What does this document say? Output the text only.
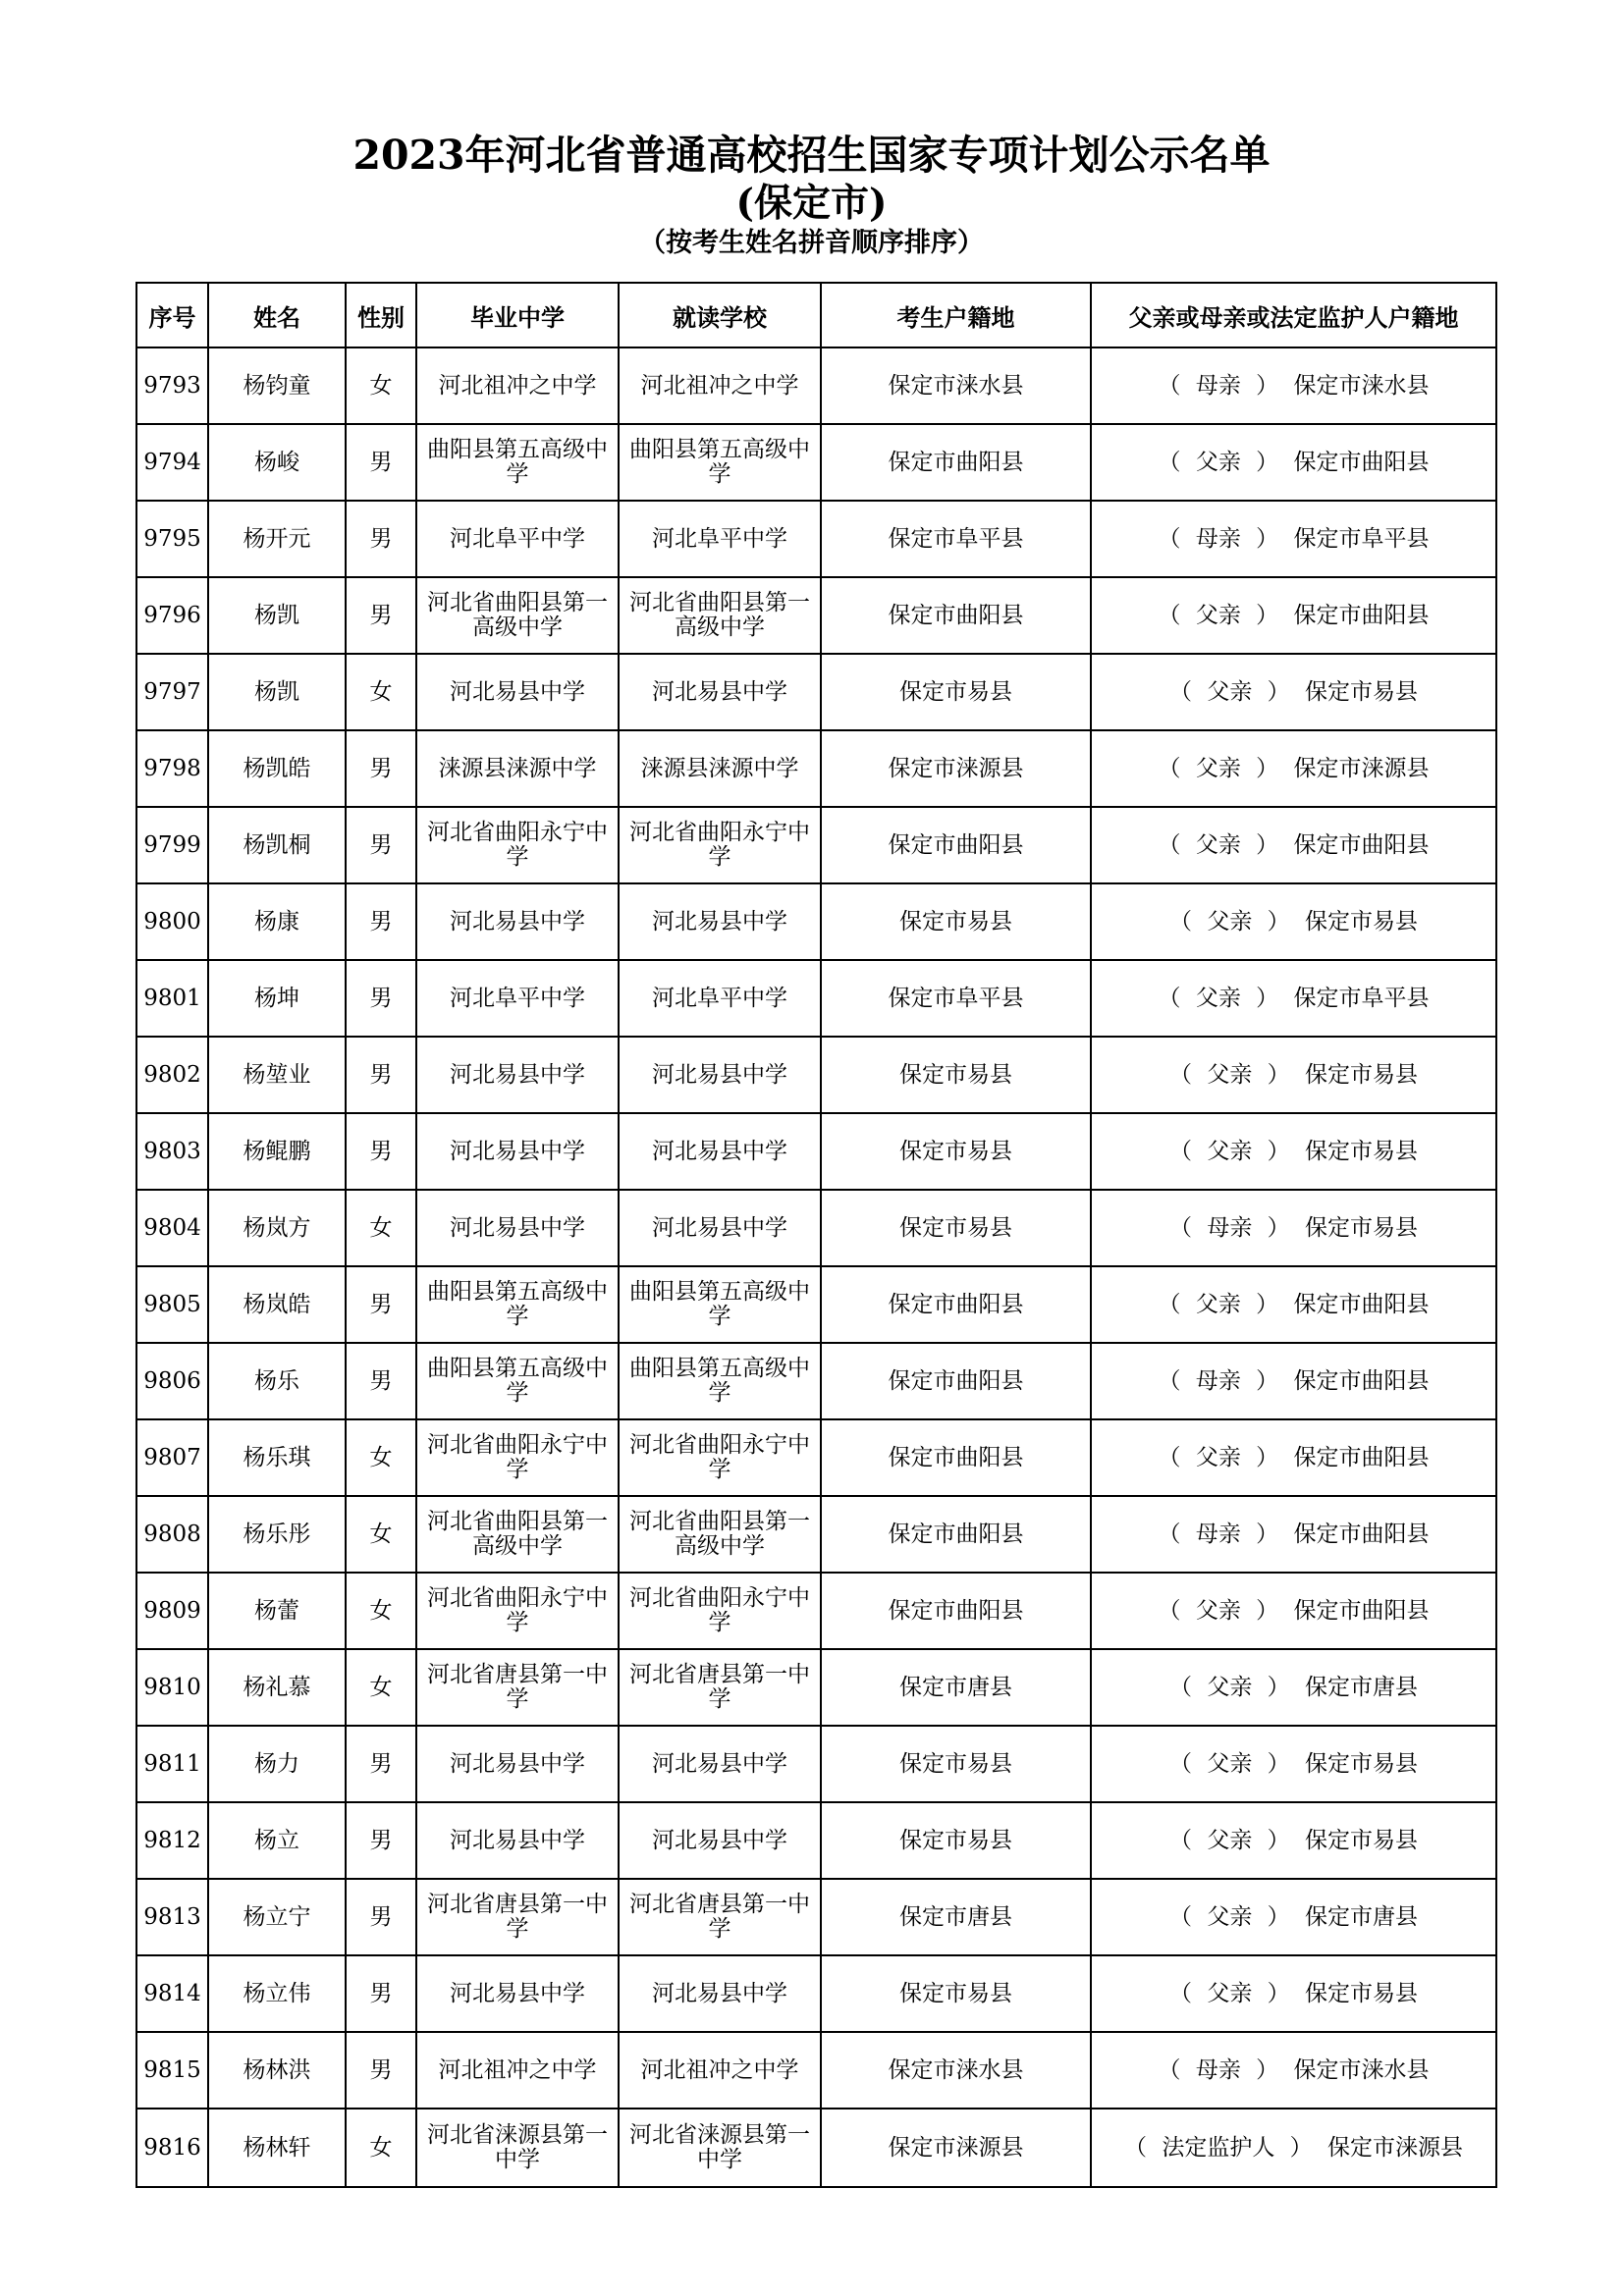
2023年河北省普通高校招生国家专项计划公示名单
(保定市)
（按考生姓名拼音顺序排序）
序号	姓名	性别	毕业中学	就读学校	考生户籍地	父亲或母亲或法定监护人户籍地
9793	杨钧童	女	河北祖冲之中学	河北祖冲之中学	保定市涞水县	（ 母亲 ） 保定市涞水县
9794	杨峻	男	曲阳县第五高级中学	曲阳县第五高级中学	保定市曲阳县	（ 父亲 ） 保定市曲阳县
9795	杨开元	男	河北阜平中学	河北阜平中学	保定市阜平县	（ 母亲 ） 保定市阜平县
9796	杨凯	男	河北省曲阳县第一高级中学	河北省曲阳县第一高级中学	保定市曲阳县	（ 父亲 ） 保定市曲阳县
9797	杨凯	女	河北易县中学	河北易县中学	保定市易县	（ 父亲 ） 保定市易县
9798	杨凯皓	男	涞源县涞源中学	涞源县涞源中学	保定市涞源县	（ 父亲 ） 保定市涞源县
9799	杨凯桐	男	河北省曲阳永宁中学	河北省曲阳永宁中学	保定市曲阳县	（ 父亲 ） 保定市曲阳县
9800	杨康	男	河北易县中学	河北易县中学	保定市易县	（ 父亲 ） 保定市易县
9801	杨坤	男	河北阜平中学	河北阜平中学	保定市阜平县	（ 父亲 ） 保定市阜平县
9802	杨堃业	男	河北易县中学	河北易县中学	保定市易县	（ 父亲 ） 保定市易县
9803	杨鲲鹏	男	河北易县中学	河北易县中学	保定市易县	（ 父亲 ） 保定市易县
9804	杨岚方	女	河北易县中学	河北易县中学	保定市易县	（ 母亲 ） 保定市易县
9805	杨岚皓	男	曲阳县第五高级中学	曲阳县第五高级中学	保定市曲阳县	（ 父亲 ） 保定市曲阳县
9806	杨乐	男	曲阳县第五高级中学	曲阳县第五高级中学	保定市曲阳县	（ 母亲 ） 保定市曲阳县
9807	杨乐琪	女	河北省曲阳永宁中学	河北省曲阳永宁中学	保定市曲阳县	（ 父亲 ） 保定市曲阳县
9808	杨乐彤	女	河北省曲阳县第一高级中学	河北省曲阳县第一高级中学	保定市曲阳县	（ 母亲 ） 保定市曲阳县
9809	杨蕾	女	河北省曲阳永宁中学	河北省曲阳永宁中学	保定市曲阳县	（ 父亲 ） 保定市曲阳县
9810	杨礼慕	女	河北省唐县第一中学	河北省唐县第一中学	保定市唐县	（ 父亲 ） 保定市唐县
9811	杨力	男	河北易县中学	河北易县中学	保定市易县	（ 父亲 ） 保定市易县
9812	杨立	男	河北易县中学	河北易县中学	保定市易县	（ 父亲 ） 保定市易县
9813	杨立宁	男	河北省唐县第一中学	河北省唐县第一中学	保定市唐县	（ 父亲 ） 保定市唐县
9814	杨立伟	男	河北易县中学	河北易县中学	保定市易县	（ 父亲 ） 保定市易县
9815	杨林洪	男	河北祖冲之中学	河北祖冲之中学	保定市涞水县	（ 母亲 ） 保定市涞水县
9816	杨林轩	女	河北省涞源县第一中学	河北省涞源县第一中学	保定市涞源县	（ 法定监护人 ） 保定市涞源县
